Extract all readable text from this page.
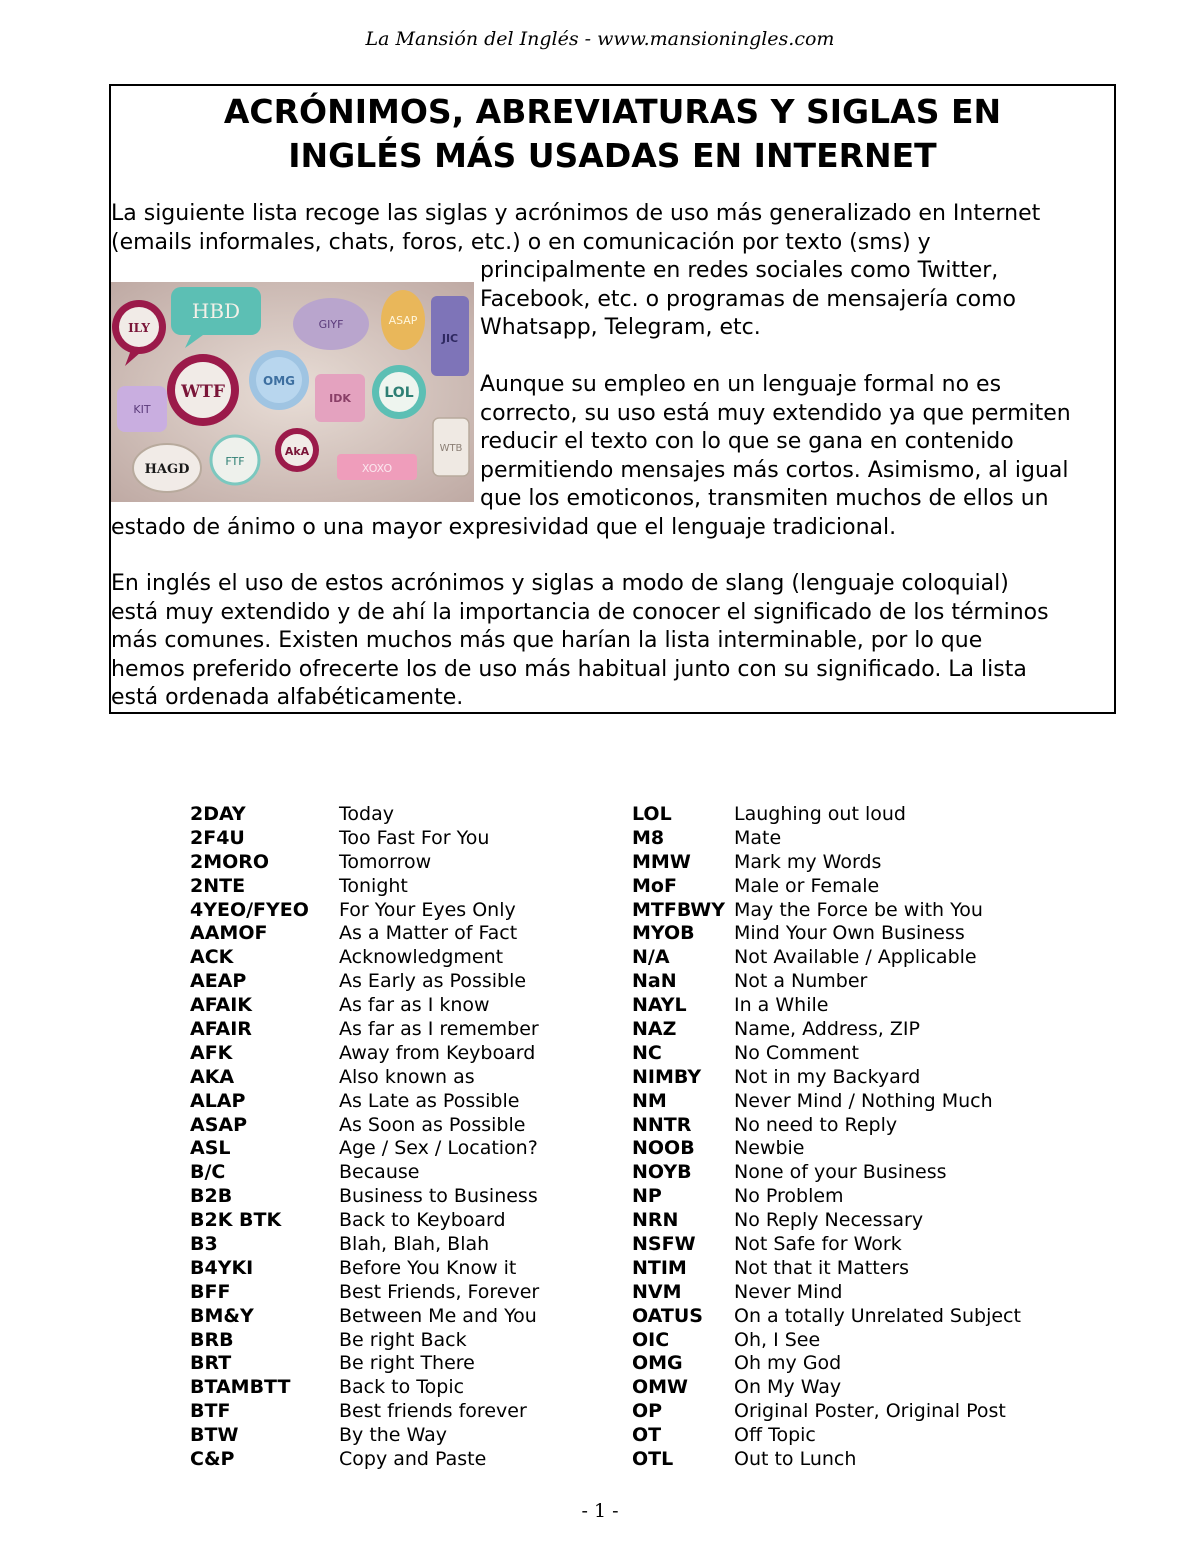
La Mansión del Inglés - www.mansioningles.com
ACRÓNIMOS, ABREVIATURAS Y SIGLAS EN
INGLÉS MÁS USADAS EN INTERNET
La siguiente lista recoge las siglas y acrónimos de uso más generalizado en Internet
(emails informales, chats, foros, etc.) o en comunicación por texto (sms) y
ILY
HBD
GIYF	ASAP
JIC
WTF
OMG
IDK LOL
KIT
HAGD
FTF
AkA
XOXO
WTB
principalmente en redes sociales como Twitter,
Facebook, etc. o programas de mensajería como
Whatsapp, Telegram, etc.
Aunque su empleo en un lenguaje formal no es
correcto, su uso está muy extendido ya que permiten
reducir el texto con lo que se gana en contenido
permitiendo mensajes más cortos. Asimismo, al igual
que los emoticonos, transmiten muchos de ellos un
estado de ánimo o una mayor expresividad que el lenguaje tradicional.
En inglés el uso de estos acrónimos y siglas a modo de slang (lenguaje coloquial)
está muy extendido y de ahí la importancia de conocer el significado de los términos
más comunes. Existen muchos más que harían la lista interminable, por lo que
hemos preferido ofrecerte los de uso más habitual junto con su significado. La lista
está ordenada alfabéticamente.
2DAY	Today
2F4U	Too Fast For You
2MORO	Tomorrow
2NTE	Tonight
4YEO/FYEO	For Your Eyes Only
AAMOF	As a Matter of Fact
ACK	Acknowledgment
AEAP	As Early as Possible
AFAIK	As far as I know
AFAIR	As far as I remember
AFK	Away from Keyboard
AKA	Also known as
ALAP	As Late as Possible
ASAP	As Soon as Possible
ASL	Age / Sex / Location?
B/C	Because
B2B	Business to Business
B2K BTK	Back to Keyboard
B3	Blah, Blah, Blah
B4YKI	Before You Know it
BFF	Best Friends, Forever
BM&Y	Between Me and You
BRB	Be right Back
BRT	Be right There
BTAMBTT	Back to Topic
BTF	Best friends forever
BTW	By the Way
C&P	Copy and Paste
LOL	Laughing out loud
M8	Mate
MMW	Mark my Words
MoF	Male or Female
MTFBWY May the Force be with You
MYOB	Mind Your Own Business
N/A	Not Available / Applicable
NaN	Not a Number
NAYL	In a While
NAZ	Name, Address, ZIP
NC	No Comment
NIMBY	Not in my Backyard
NM	Never Mind / Nothing Much
NNTR	No need to Reply
NOOB	Newbie
NOYB	None of your Business
NP	No Problem
NRN	No Reply Necessary
NSFW	Not Safe for Work
NTIM	Not that it Matters
NVM	Never Mind
OATUS	On a totally Unrelated Subject
OIC	Oh, I See
OMG	Oh my God
OMW	On My Way
OP	Original Poster, Original Post
OT	Off Topic
OTL	Out to Lunch
- 1 -
